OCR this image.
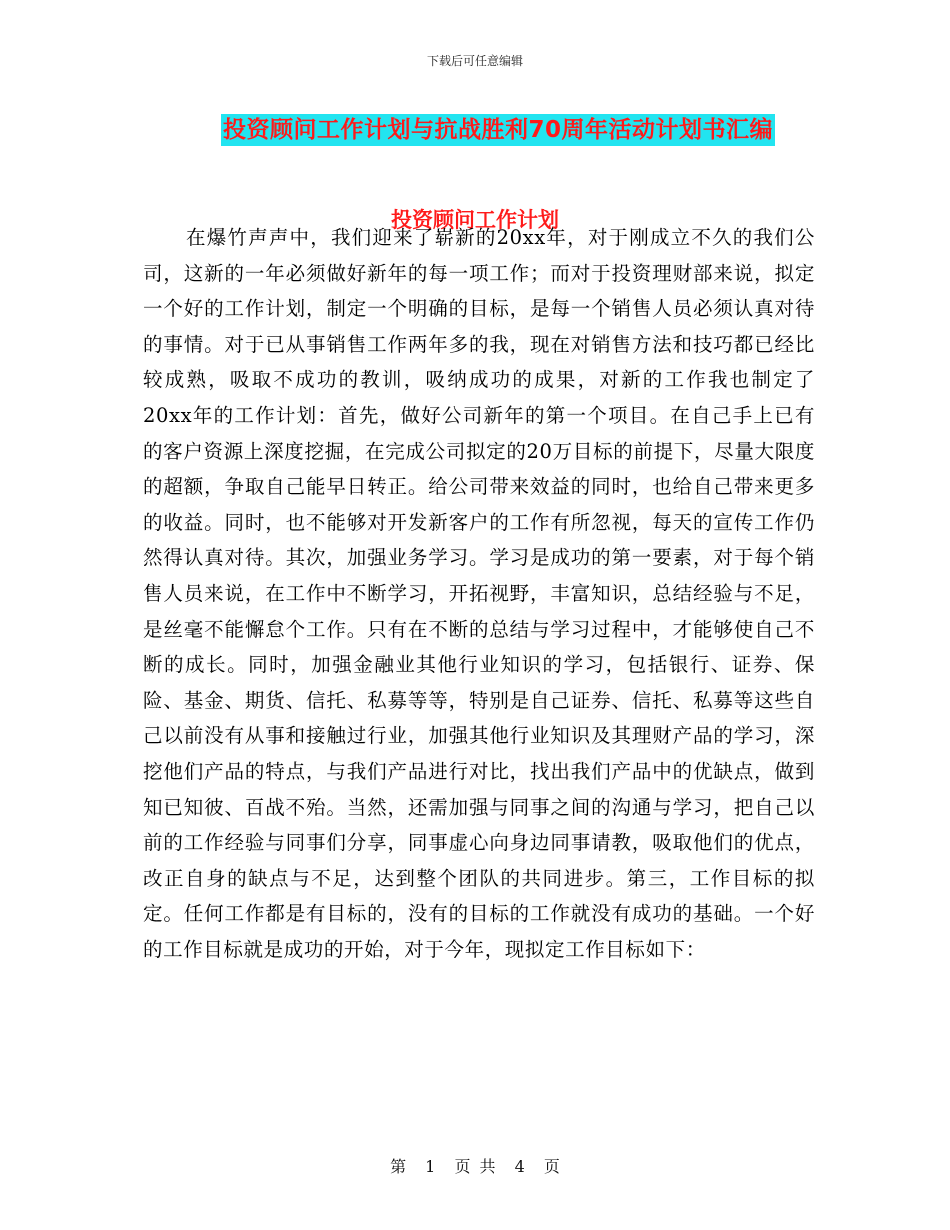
下载后可任意编辑
投资顾问工作计划与抗战胜利70周年活动计划书汇编
投资顾问工作计划

在爆竹声声中，我们迎来了崭新的20xx年，对于刚成立不久的我们公司，这新的一年必须做好新年的每一项工作；而对于投资理财部来说，拟定一个好的工作计划，制定一个明确的目标，是每一个销售人员必须认真对待的事情。对于已从事销售工作两年多的我，现在对销售方法和技巧都已经比较成熟，吸取不成功的教训，吸纳成功的成果，对新的工作我也制定了20xx年的工作计划：首先，做好公司新年的第一个项目。在自己手上已有的客户资源上深度挖掘，在完成公司拟定的20万目标的前提下，尽量大限度的超额，争取自己能早日转正。给公司带来效益的同时，也给自己带来更多的收益。同时，也不能够对开发新客户的工作有所忽视，每天的宣传工作仍然得认真对待。其次，加强业务学习。学习是成功的第一要素，对于每个销售人员来说，在工作中不断学习，开拓视野，丰富知识，总结经验与不足，是丝毫不能懈怠个工作。只有在不断的总结与学习过程中，才能够使自己不断的成长。同时，加强金融业其他行业知识的学习，包括银行、证券、保险、基金、期货、信托、私募等等，特别是自己证券、信托、私募等这些自己以前没有从事和接触过行业，加强其他行业知识及其理财产品的学习，深挖他们产品的特点，与我们产品进行对比，找出我们产品中的优缺点，做到知已知彼、百战不殆。当然，还需加强与同事之间的沟通与学习，把自己以前的工作经验与同事们分享，同事虚心向身边同事请教，吸取他们的优点，改正自身的缺点与不足，达到整个团队的共同进步。第三，工作目标的拟定。任何工作都是有目标的，没有的目标的工作就没有成功的基础。一个好的工作目标就是成功的开始，对于今年，现拟定工作目标如下：

第 1 页 共 4 页
